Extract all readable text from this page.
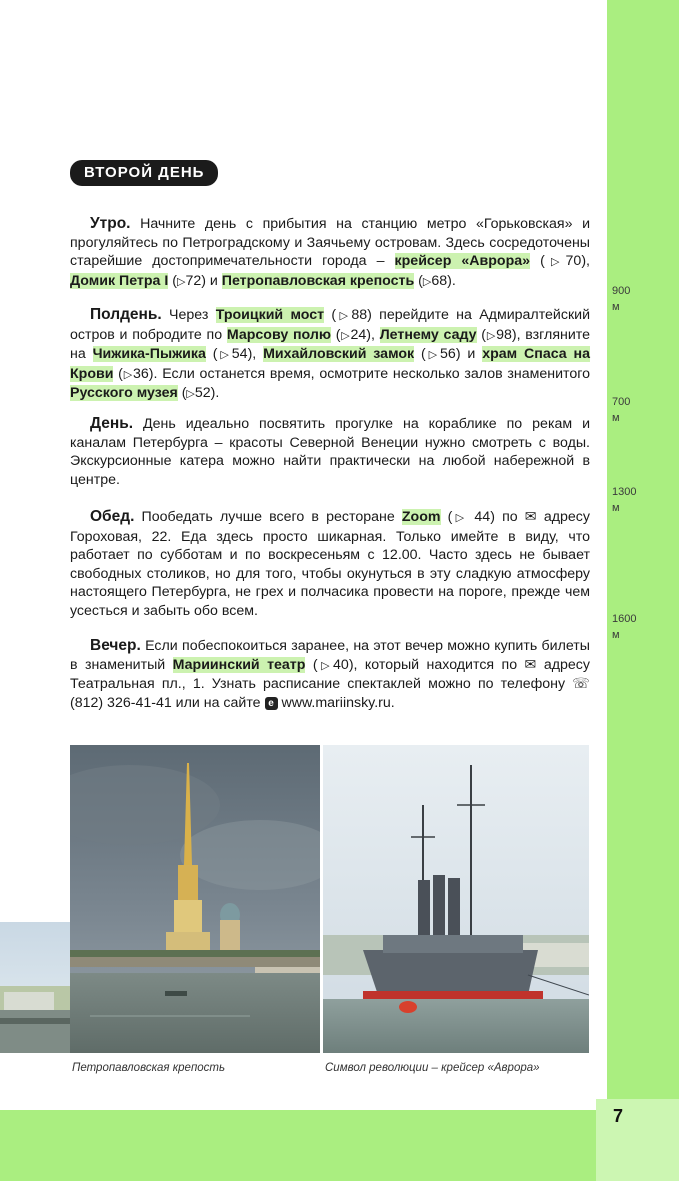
7
900
м
700
м
1300
м
1600
м
ВТОРОЙ ДЕНЬ

Утро. Начните день с прибытия на станцию метро «Горьковская» и прогуляйтесь по Петроградскому и Заячьему островам. Здесь сосредоточены старейшие достопримечательности города – крейсер «Аврора» (▷70), Домик Петра I (▷72) и Петропавловская крепость (▷68).

Полдень. Через Троицкий мост (▷88) перейдите на Адмиралтейский остров и побродите по Марсову полю (▷24), Летнему саду (▷98), взгляните на Чижика-Пыжика (▷54), Михайловский замок (▷56) и храм Спаса на Крови (▷36). Если останется время, осмотрите несколько залов знаменитого Русского музея (▷52).

День. День идеально посвятить прогулке на кораблике по рекам и каналам Петербурга – красоты Северной Венеции нужно смотреть с воды. Экскурсионные катера можно найти практически на любой набережной в центре.

Обед. Пообедать лучше всего в ресторане Zoom (▷ 44) по ✉ адресу Гороховая, 22. Еда здесь просто шикарная. Только имейте в виду, что работает по субботам и по воскресеньям с 12.00. Часто здесь не бывает свободных столиков, но для того, чтобы окунуться в эту сладкую атмосферу настоящего Петербурга, не грех и полчасика провести на пороге, прежде чем усесться и забыть обо всем.

Вечер. Если побеспокоиться заранее, на этот вечер можно купить билеты в знаменитый Мариинский театр (▷40), который находится по ✉ адресу Театральная пл., 1. Узнать расписание спектаклей можно по телефону ☏ (812) 326-41-41 или на сайте e www.mariinsky.ru.

Петропавловская крепость	Символ революции – крейсер «Аврора»
